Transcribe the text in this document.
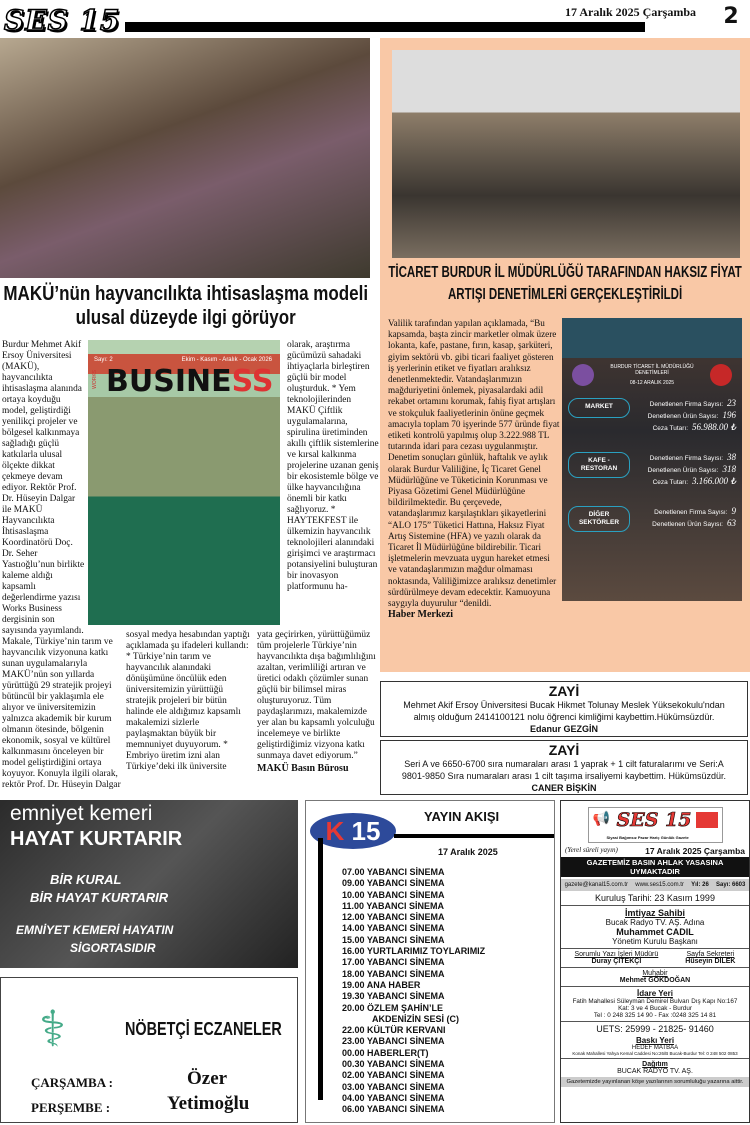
SES 15	17 Aralık 2025 Çarşamba	2
MAKÜ’nün hayvancılıkta ihtisaslaşma modeli ulusal düzeyde ilgi görüyor
Sayı: 2	Ekim - Kasım - Aralık - Ocak 2026
WORKS BUSINESS
Burdur Mehmet Akif Ersoy Üniversitesi (MAKÜ), hayvancılıkta ihtisaslaşma alanında ortaya koyduğu model, geliştirdiği yenilikçi projeler ve bölgesel kalkınmaya sağladığı güçlü katkılarla ulusal ölçekte dikkat çekmeye devam ediyor. Rektör Prof. Dr. Hüseyin Dalgar ile MAKÜ Hayvancılıkta İhtisaslaşma Koordinatörü Doç. Dr. Seher Yastıoğlu’nun birlikte kaleme aldığı kapsamlı değerlendirme yazısı Works Business dergisinin son sayısında yayımlandı. Makale, Türkiye’nin tarım ve hayvancılık vizyonuna katkı sunan uygulamalarıyla MAKÜ’nün son yıllarda yürüttüğü 29 stratejik projeyi bütüncül bir yaklaşımla ele alıyor ve üniversitemizin yalnızca akademik bir kurum olmanın ötesinde, bölgenin ekonomik, sosyal ve kültürel kalkınmasını önceleyen bir model geliştirdiğini ortaya koyuyor. Konuyla ilgili olarak, rektör Prof. Dr. Hüseyin Dalgar
sosyal medya hesabından yaptığı açıklamada şu ifadeleri kullandı: * Türkiye’nin tarım ve hayvancılık alanındaki dönüşümüne öncülük eden üniversitemizin yürüttüğü stratejik projeleri bir bütün halinde ele aldığımız kapsamlı makalemizi sizlerle paylaşmaktan büyük bir memnuniyet duyuyorum. * Embriyo üretim izni alan Türkiye’deki ilk üniversite
olarak, araştırma gücümüzü sahadaki ihtiyaçlarla birleştiren güçlü bir model oluşturduk. * Yem teknolojilerinden MAKÜ Çiftlik uygulamalarına, spirulina üretiminden akıllı çiftlik sistemlerine ve kırsal kalkınma projelerine uzanan geniş bir ekosistemle bölge ve ülke hayvancılığına önemli bir katkı sağlıyoruz. * HAYTEKFEST ile ülkemizin hayvancılık teknolojileri alanındaki girişimci ve araştırmacı potansiyelini buluşturan bir inovasyon platformunu ha-
yata geçirirken, yürüttüğümüz tüm projelerle Türkiye’nin hayvancılıkta dışa bağımlılığını azaltan, verimliliği artıran ve üretici odaklı çözümler sunan güçlü bir bilimsel miras oluşturuyoruz. Tüm paydaşlarımızı, makalemizde yer alan bu kapsamlı yolculuğu incelemeye ve birlikte geliştirdiğimiz vizyona katkı sunmaya davet ediyorum.”
MAKÜ Basın Bürosu
TİCARET BURDUR İL MÜDÜRLÜĞÜ TARAFINDAN HAKSIZ FİYAT ARTIŞI DENETİMLERİ GERÇEKLEŞTİRİLDİ
Valilik tarafından yapılan açıklamada, “Bu kapsamda, başta zincir marketler olmak üzere lokanta, kafe, pastane, fırın, kasap, şarküteri, giyim sektörü vb. gibi ticari faaliyet gösteren iş yerlerinin etiket ve fiyatları aralıksız denetlenmektedir. Vatandaşlarımızın mağduriyetini önlemek, piyasalardaki adil rekabet ortamını korumak, fahiş fiyat artışları ve stokçuluk faaliyetlerinin önüne geçmek amacıyla toplam 70 işyerinde 577 üründe fiyat etiketi kontrolü yapılmış olup 3.222.988 TL tutarında idari para cezası uygulanmıştır. Denetim sonuçları günlük, haftalık ve aylık olarak Burdur Valiliğine, İç Ticaret Genel Müdürlüğüne ve Tüketicinin Korunması ve Piyasa Gözetimi Genel Müdürlüğüne bildirilmektedir. Bu çerçevede, vatandaşlarımız karşılaştıkları şikayetlerini “ALO 175” Tüketici Hattına, Haksız Fiyat Artış Sistemine (HFA) ve yazılı olarak da Ticaret İl Müdürlüğüne bildirebilir. Ticari işletmelerin mevzuata uygun hareket etmesi ve vatandaşlarımızın mağdur olmaması noktasında, Valiliğimizce aralıksız denetimler sürdürülmeye devam edecektir. Kamuoyuna saygıyla duyurulur “denildi.
Haber Merkezi
BURDUR TİCARET İL MÜDÜRLÜĞÜ DENETİMLERİ
08-12 ARALIK 2025
MARKET	Denetlenen Firma Sayısı: 23
Denetlenen Ürün Sayısı: 196
Ceza Tutarı: 56.988.00 ₺
KAFE - RESTORAN
Denetlenen Firma Sayısı: 38
Denetlenen Ürün Sayısı: 318
Ceza Tutarı: 3.166.000 ₺
DİĞER SEKTÖRLER
Denetlenen Firma Sayısı: 9
Denetlenen Ürün Sayısı: 63
ZAYİ
Mehmet Akif Ersoy Üniversitesi Bucak Hikmet Tolunay Meslek Yüksekokulu'ndan almış olduğum 2414100121 nolu öğrenci kimliğimi kaybettim.Hükümsüzdür.
Edanur GEZGİN
ZAYİ
Seri A ve 6650-6700 sıra numaraları arası 1 yaprak + 1 cilt faturalarımı ve Seri:A 9801-9850 Sıra numaraları arası 1 cilt taşıma irsaliyemi kaybettim. Hükümsüzdür.
CANER BİŞKİN
emniyet kemeri
HAYAT KURTARIR
BİR KURAL
BİR HAYAT KURTARIR
EMNİYET KEMERİ HAYATIN
SİGORTASIDIR
⚕	NÖBETÇİ ECZANELER
ÇARŞAMBA :	Özer
PERŞEMBE :	Yetimoğlu
K 15	YAYIN AKIŞI
17 Aralık 2025
07.00 YABANCI SİNEMA
09.00 YABANCI SİNEMA
10.00 YABANCI SİNEMA
11.00 YABANCI SİNEMA
12.00 YABANCI SİNEMA
14.00 YABANCI SİNEMA
15.00 YABANCI SİNEMA
16.00 YURTLARIMIZ TOYLARIMIZ
17.00 YABANCI SİNEMA
18.00 YABANCI SİNEMA
19.00 ANA HABER
19.30 YABANCI SİNEMA
20.00 ÖZLEM ŞAHİN’LE
AKDENİZİN SESİ (C)
22.00 KÜLTÜR KERVANI
23.00 YABANCI SİNEMA
00.00 HABERLER(T)
00.30 YABANCI SİNEMA
02.00 YABANCI SİNEMA
03.00 YABANCI SİNEMA
04.00 YABANCI SİNEMA
06.00 YABANCI SİNEMA
📢 SES 15
Siyasi Bağımsız Pazar Hariç Günlük Gazete
(Yerel süreli yayın)	17 Aralık 2025 Çarşamba
GAZETEMİZ BASIN AHLAK YASASINA UYMAKTADIR
gazete@kanal15.com.tr www.ses15.com.tr Yıl: 26 Sayı: 6603
Kuruluş Tarihi: 23 Kasım 1999
İmtiyaz Sahibi
Bucak Radyo TV. AŞ. Adına
Muhammet CADIL
Yönetim Kurulu Başkanı
Sorumlu Yazı İşleri Müdürü
Duray ÇİTEKÇİ
Sayfa Sekreteri
Hüseyin DİLEK
Muhabir
Mehmet GÖKDOĞAN
İdare Yeri
Fatih Mahallesi Süleyman Demirel Bulvarı Dış Kapı No:167
Kat: 3 ve 4 Bucak - Burdur
Tel : 0 248 325 14 90 - Fax :0248 325 14 81
UETS: 25999 - 21825- 91460
Baskı Yeri
HEDEF MATBAA
Konak Mahallesi Yahya Kemal Caddesi No:26/B Bucak-Burdur Tel: 0 248 502 0853
Dağıtım
BUCAK RADYO TV. AŞ.
Gazetemizde yayınlanan köşe yazılarının sorumluluğu yazarına aittir.
